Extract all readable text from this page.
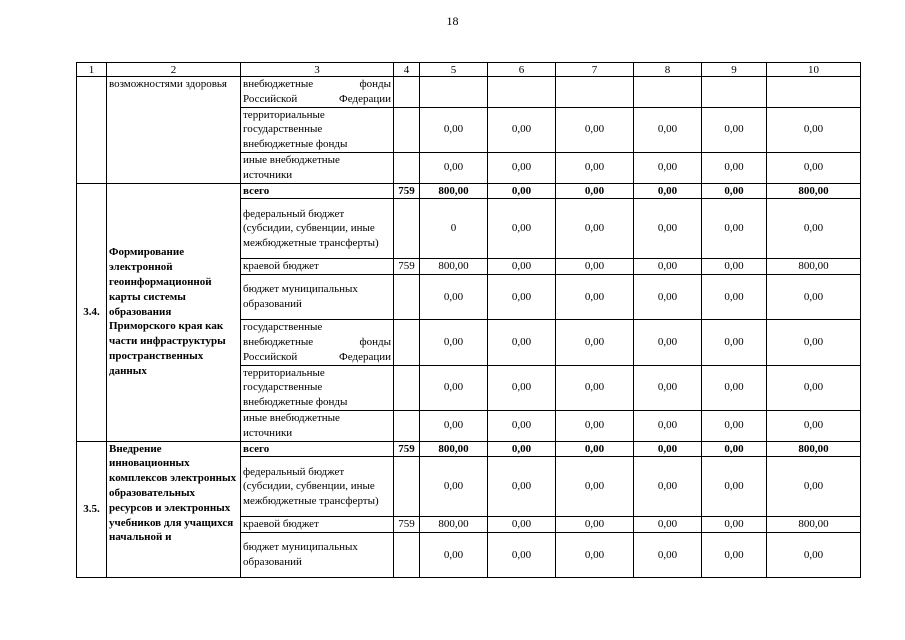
18
1	2	3	4	5	6	7	8	9	10
	возможностями здоровья	внебюджетные фонды Российской Федерации							
		территориальные государственные внебюджетные фонды		0,00	0,00	0,00	0,00	0,00	0,00
		иные внебюджетные источники		0,00	0,00	0,00	0,00	0,00	0,00
3.4.	Формирование электронной геоинформационной карты системы образования Приморского края как части инфраструктуры пространственных данных	всего	759	800,00	0,00	0,00	0,00	0,00	800,00
		федеральный бюджет (субсидии, субвенции, иные межбюджетные трансферты)		0	0,00	0,00	0,00	0,00	0,00
		краевой бюджет	759	800,00	0,00	0,00	0,00	0,00	800,00
		бюджет муниципальных образований		0,00	0,00	0,00	0,00	0,00	0,00
		государственные внебюджетные фонды Российской Федерации		0,00	0,00	0,00	0,00	0,00	0,00
		территориальные государственные внебюджетные фонды		0,00	0,00	0,00	0,00	0,00	0,00
		иные внебюджетные источники		0,00	0,00	0,00	0,00	0,00	0,00
3.5.	Внедрение инновационных комплексов электронных образовательных ресурсов и электронных учебников для учащихся начальной и	всего	759	800,00	0,00	0,00	0,00	0,00	800,00
		федеральный бюджет (субсидии, субвенции, иные межбюджетные трансферты)		0,00	0,00	0,00	0,00	0,00	0,00
		краевой бюджет	759	800,00	0,00	0,00	0,00	0,00	800,00
		бюджет муниципальных образований		0,00	0,00	0,00	0,00	0,00	0,00
